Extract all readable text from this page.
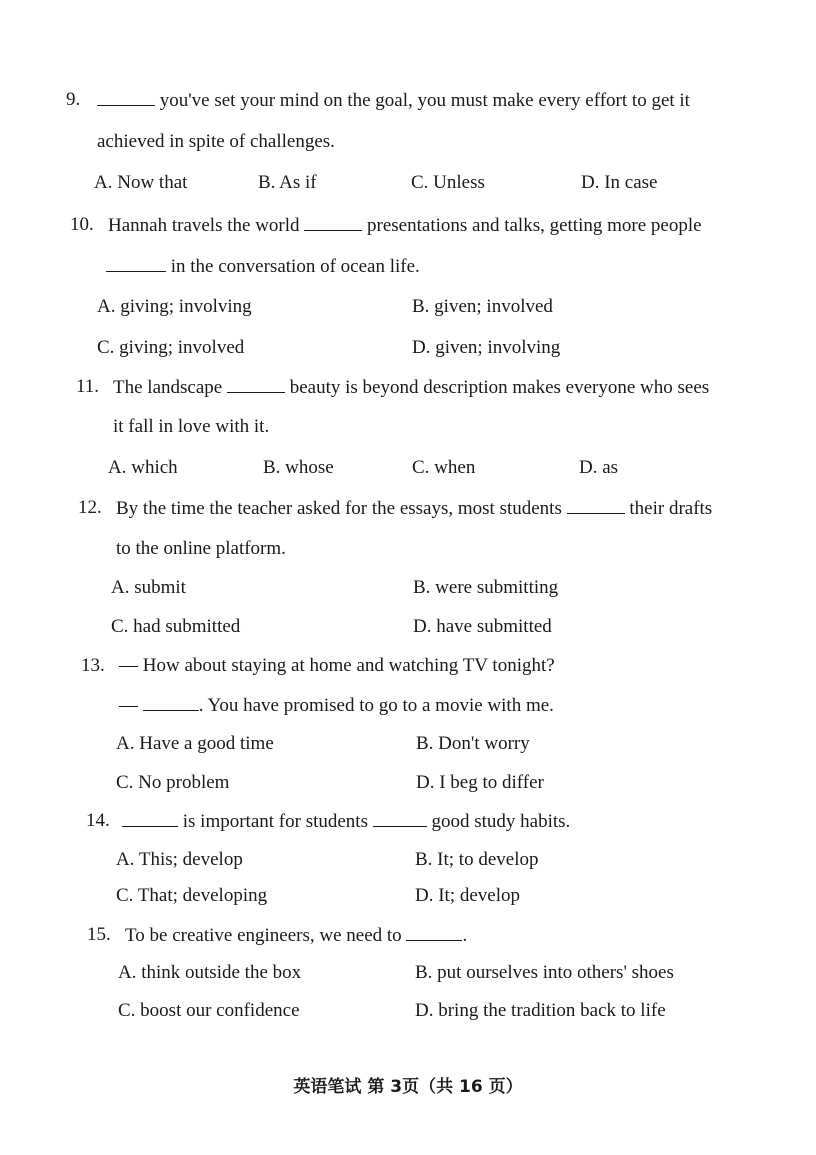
9.	you've set your mind on the goal, you must make every effort to get it
achieved in spite of challenges.
A. Now that	B. As if	C. Unless	D. In case
10. Hannah travels the world	presentations and talks, getting more people
in the conversation of ocean life.
A. giving; involving	B. given; involved
C. giving; involved	D. given; involving
11. The landscape	beauty is beyond description makes everyone who sees
it fall in love with it.
A. which	B. whose	C. when	D. as
12. By the time the teacher asked for the essays, most students	their drafts
to the online platform.
A. submit	B. were submitting
C. had submitted	D. have submitted
13. — How about staying at home and watching TV tonight?
—	. You have promised to go to a movie with me.
A. Have a good time	B. Don't worry
C. No problem	D. I beg to differ
14.	is important for students	good study habits.
A. This; develop	B. It; to develop
C. That; developing	D. It; develop
15. To be creative engineers, we need to	.
A. think outside the box	B. put ourselves into others' shoes
C. boost our confidence	D. bring the tradition back to life
英语笔试 第 3页（共 16 页）
